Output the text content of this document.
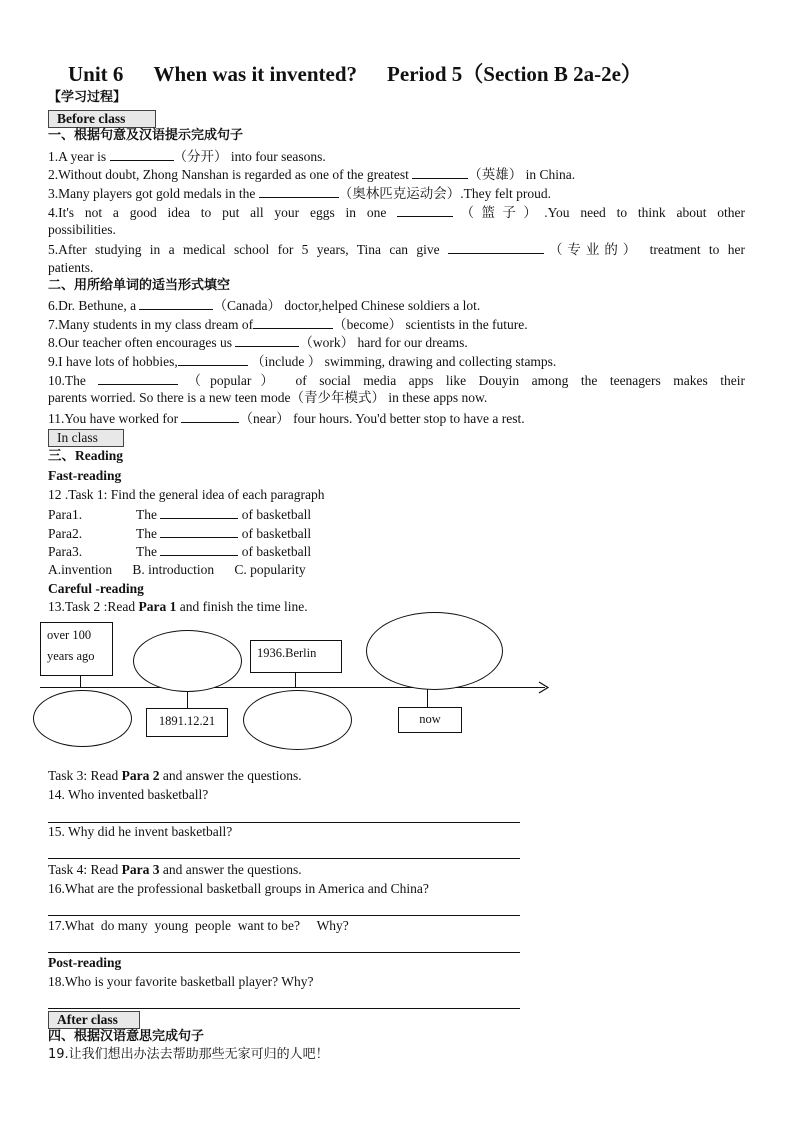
Unit 6 When was it invented? Period 5（Section B 2a-2e）
【学习过程】
Before class
一、根据句意及汉语提示完成句子
1.A year is	（分开） into four seasons.
2.Without doubt, Zhong Nanshan is regarded as one of the greatest	（英雄） in China.
3.Many players got gold medals in the	（奥林匹克运动会）.They felt proud.
4.It's not a good idea to put all your eggs in one	（篮子）.You need to think about other
possibilities.
5.After studying in a medical school for 5 years, Tina can give	（专业的） treatment to her
patients.
二、用所给单词的适当形式填空
6.Dr. Bethune, a	（Canada） doctor,helped Chinese soldiers a lot.
7.Many students in my class dream of	（become） scientists in the future.
8.Our teacher often encourages us	（work） hard for our dreams.
9.I have lots of hobbies,	（include ） swimming, drawing and collecting stamps.
10.The	（popular） of social media apps like Douyin among the teenagers makes their
parents worried. So there is a new teen mode（青少年模式） in these apps now.
11.You have worked for	（near） four hours. You'd better stop to have a rest.
In class
三、Reading
Fast-reading
12 .Task 1: Find the general idea of each paragraph
Para1.	The	of basketball
Para2.	The	of basketball
Para3.	The	of basketball
A.invention      B. introduction      C. popularity
Careful -reading
13.Task 2 :Read Para 1 and finish the time line.
over 100 years ago	1936.Berlin
1891.12.21	now
Task 3: Read Para 2 and answer the questions.
14. Who invented basketball?
15. Why did he invent basketball?
Task 4: Read Para 3 and answer the questions.
16.What are the professional basketball groups in America and China?
17.What  do many  young  people  want to be?     Why?
Post-reading
18.Who is your favorite basketball player? Why?
After class
四、根据汉语意思完成句子
19.让我们想出办法去帮助那些无家可归的人吧！
